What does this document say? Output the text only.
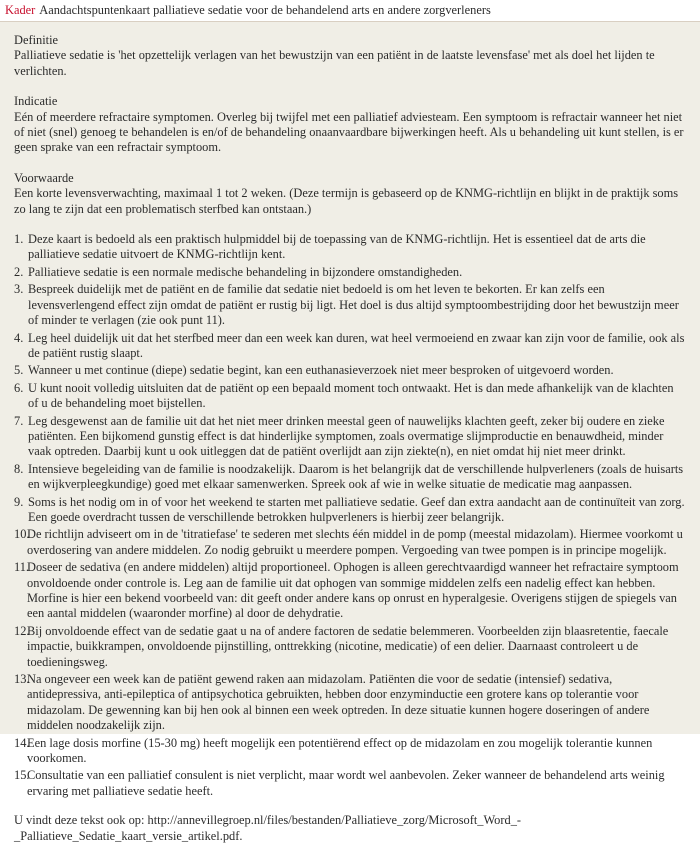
Kader Aandachtspuntenkaart palliatieve sedatie voor de behandelend arts en andere zorgverleners
Definitie

Palliatieve sedatie is 'het opzettelijk verlagen van het bewustzijn van een patiënt in de laatste levensfase' met als doel het lijden te verlichten.

Indicatie

Eén of meerdere refractaire symptomen. Overleg bij twijfel met een palliatief adviesteam. Een symptoom is refractair wanneer het niet of niet (snel) genoeg te behandelen is en/of de behandeling onaanvaardbare bijwerkingen heeft. Als u behandeling uit kunt stellen, is er geen sprake van een refractair symptoom.

Voorwaarde

Een korte levensverwachting, maximaal 1 tot 2 weken. (Deze termijn is gebaseerd op de KNMG-richtlijn en blijkt in de praktijk soms zo lang te zijn dat een problematisch sterfbed kan ontstaan.)

1. Deze kaart is bedoeld als een praktisch hulpmiddel bij de toepassing van de KNMG-richtlijn. Het is essentieel dat de arts die palliatieve sedatie uitvoert de KNMG-richtlijn kent.
2. Palliatieve sedatie is een normale medische behandeling in bijzondere omstandigheden.
3. Bespreek duidelijk met de patiënt en de familie dat sedatie niet bedoeld is om het leven te bekorten. Er kan zelfs een levensverlengend effect zijn omdat de patiënt er rustig bij ligt. Het doel is dus altijd symptoombestrijding door het bewustzijn meer of minder te verlagen (zie ook punt 11).
4. Leg heel duidelijk uit dat het sterfbed meer dan een week kan duren, wat heel vermoeiend en zwaar kan zijn voor de familie, ook als de patiënt rustig slaapt.
5. Wanneer u met continue (diepe) sedatie begint, kan een euthanasieverzoek niet meer besproken of uitgevoerd worden.
6. U kunt nooit volledig uitsluiten dat de patiënt op een bepaald moment toch ontwaakt. Het is dan mede afhankelijk van de klachten of u de behandeling moet bijstellen.
7. Leg desgewenst aan de familie uit dat het niet meer drinken meestal geen of nauwelijks klachten geeft, zeker bij oudere en zieke patiënten. Een bijkomend gunstig effect is dat hinderlijke symptomen, zoals overmatige slijmproductie en benauwdheid, minder vaak optreden. Daarbij kunt u ook uitleggen dat de patiënt overlijdt aan zijn ziekte(n), en niet omdat hij niet meer drinkt.
8. Intensieve begeleiding van de familie is noodzakelijk. Daarom is het belangrijk dat de verschillende hulpverleners (zoals de huisarts en wijkverpleegkundige) goed met elkaar samenwerken. Spreek ook af wie in welke situatie de medicatie mag aanpassen.
9. Soms is het nodig om in of voor het weekend te starten met palliatieve sedatie. Geef dan extra aandacht aan de continuïteit van zorg. Een goede overdracht tussen de verschillende betrokken hulpverleners is hierbij zeer belangrijk.
10.
De richtlijn adviseert om in de 'titratiefase' te sederen met slechts één middel in de pomp (meestal midazolam). Hiermee voorkomt u overdosering van andere middelen. Zo nodig gebruikt u meerdere pompen. Vergoeding van twee pompen is in principe mogelijk.
11.
Doseer de sedativa (en andere middelen) altijd proportioneel. Ophogen is alleen gerechtvaardigd wanneer het refractaire symptoom onvoldoende onder controle is. Leg aan de familie uit dat ophogen van sommige middelen zelfs een nadelig effect kan hebben. Morfine is hier een bekend voorbeeld van: dit geeft onder andere kans op onrust en hyperalgesie. Overigens stijgen de spiegels van een aantal middelen (waaronder morfine) al door de dehydratie.
12.
Bij onvoldoende effect van de sedatie gaat u na of andere factoren de sedatie belemmeren. Voorbeelden zijn blaasretentie, faecale impactie, buikkrampen, onvoldoende pijnstilling, onttrekking (nicotine, medicatie) of een delier. Daarnaast controleert u de toedieningsweg.
13.
Na ongeveer een week kan de patiënt gewend raken aan midazolam. Patiënten die voor de sedatie (intensief) sedativa, antidepressiva, anti-epileptica of antipsychotica gebruikten, hebben door enzyminductie een grotere kans op tolerantie voor midazolam. De gewenning kan bij hen ook al binnen een week optreden. In deze situatie kunnen hogere doseringen of andere middelen noodzakelijk zijn.
14.
Een lage dosis morfine (15-30 mg) heeft mogelijk een potentiërend effect op de midazolam en zou mogelijk tolerantie kunnen voorkomen.
15.
Consultatie van een palliatief consulent is niet verplicht, maar wordt wel aanbevolen. Zeker wanneer de behandelend arts weinig ervaring met palliatieve sedatie heeft.

U vindt deze tekst ook op: http://annevillegroep.nl/files/bestanden/Palliatieve_zorg/Microsoft_Word_-_Palliatieve_Sedatie_kaart_versie_artikel.pdf.
